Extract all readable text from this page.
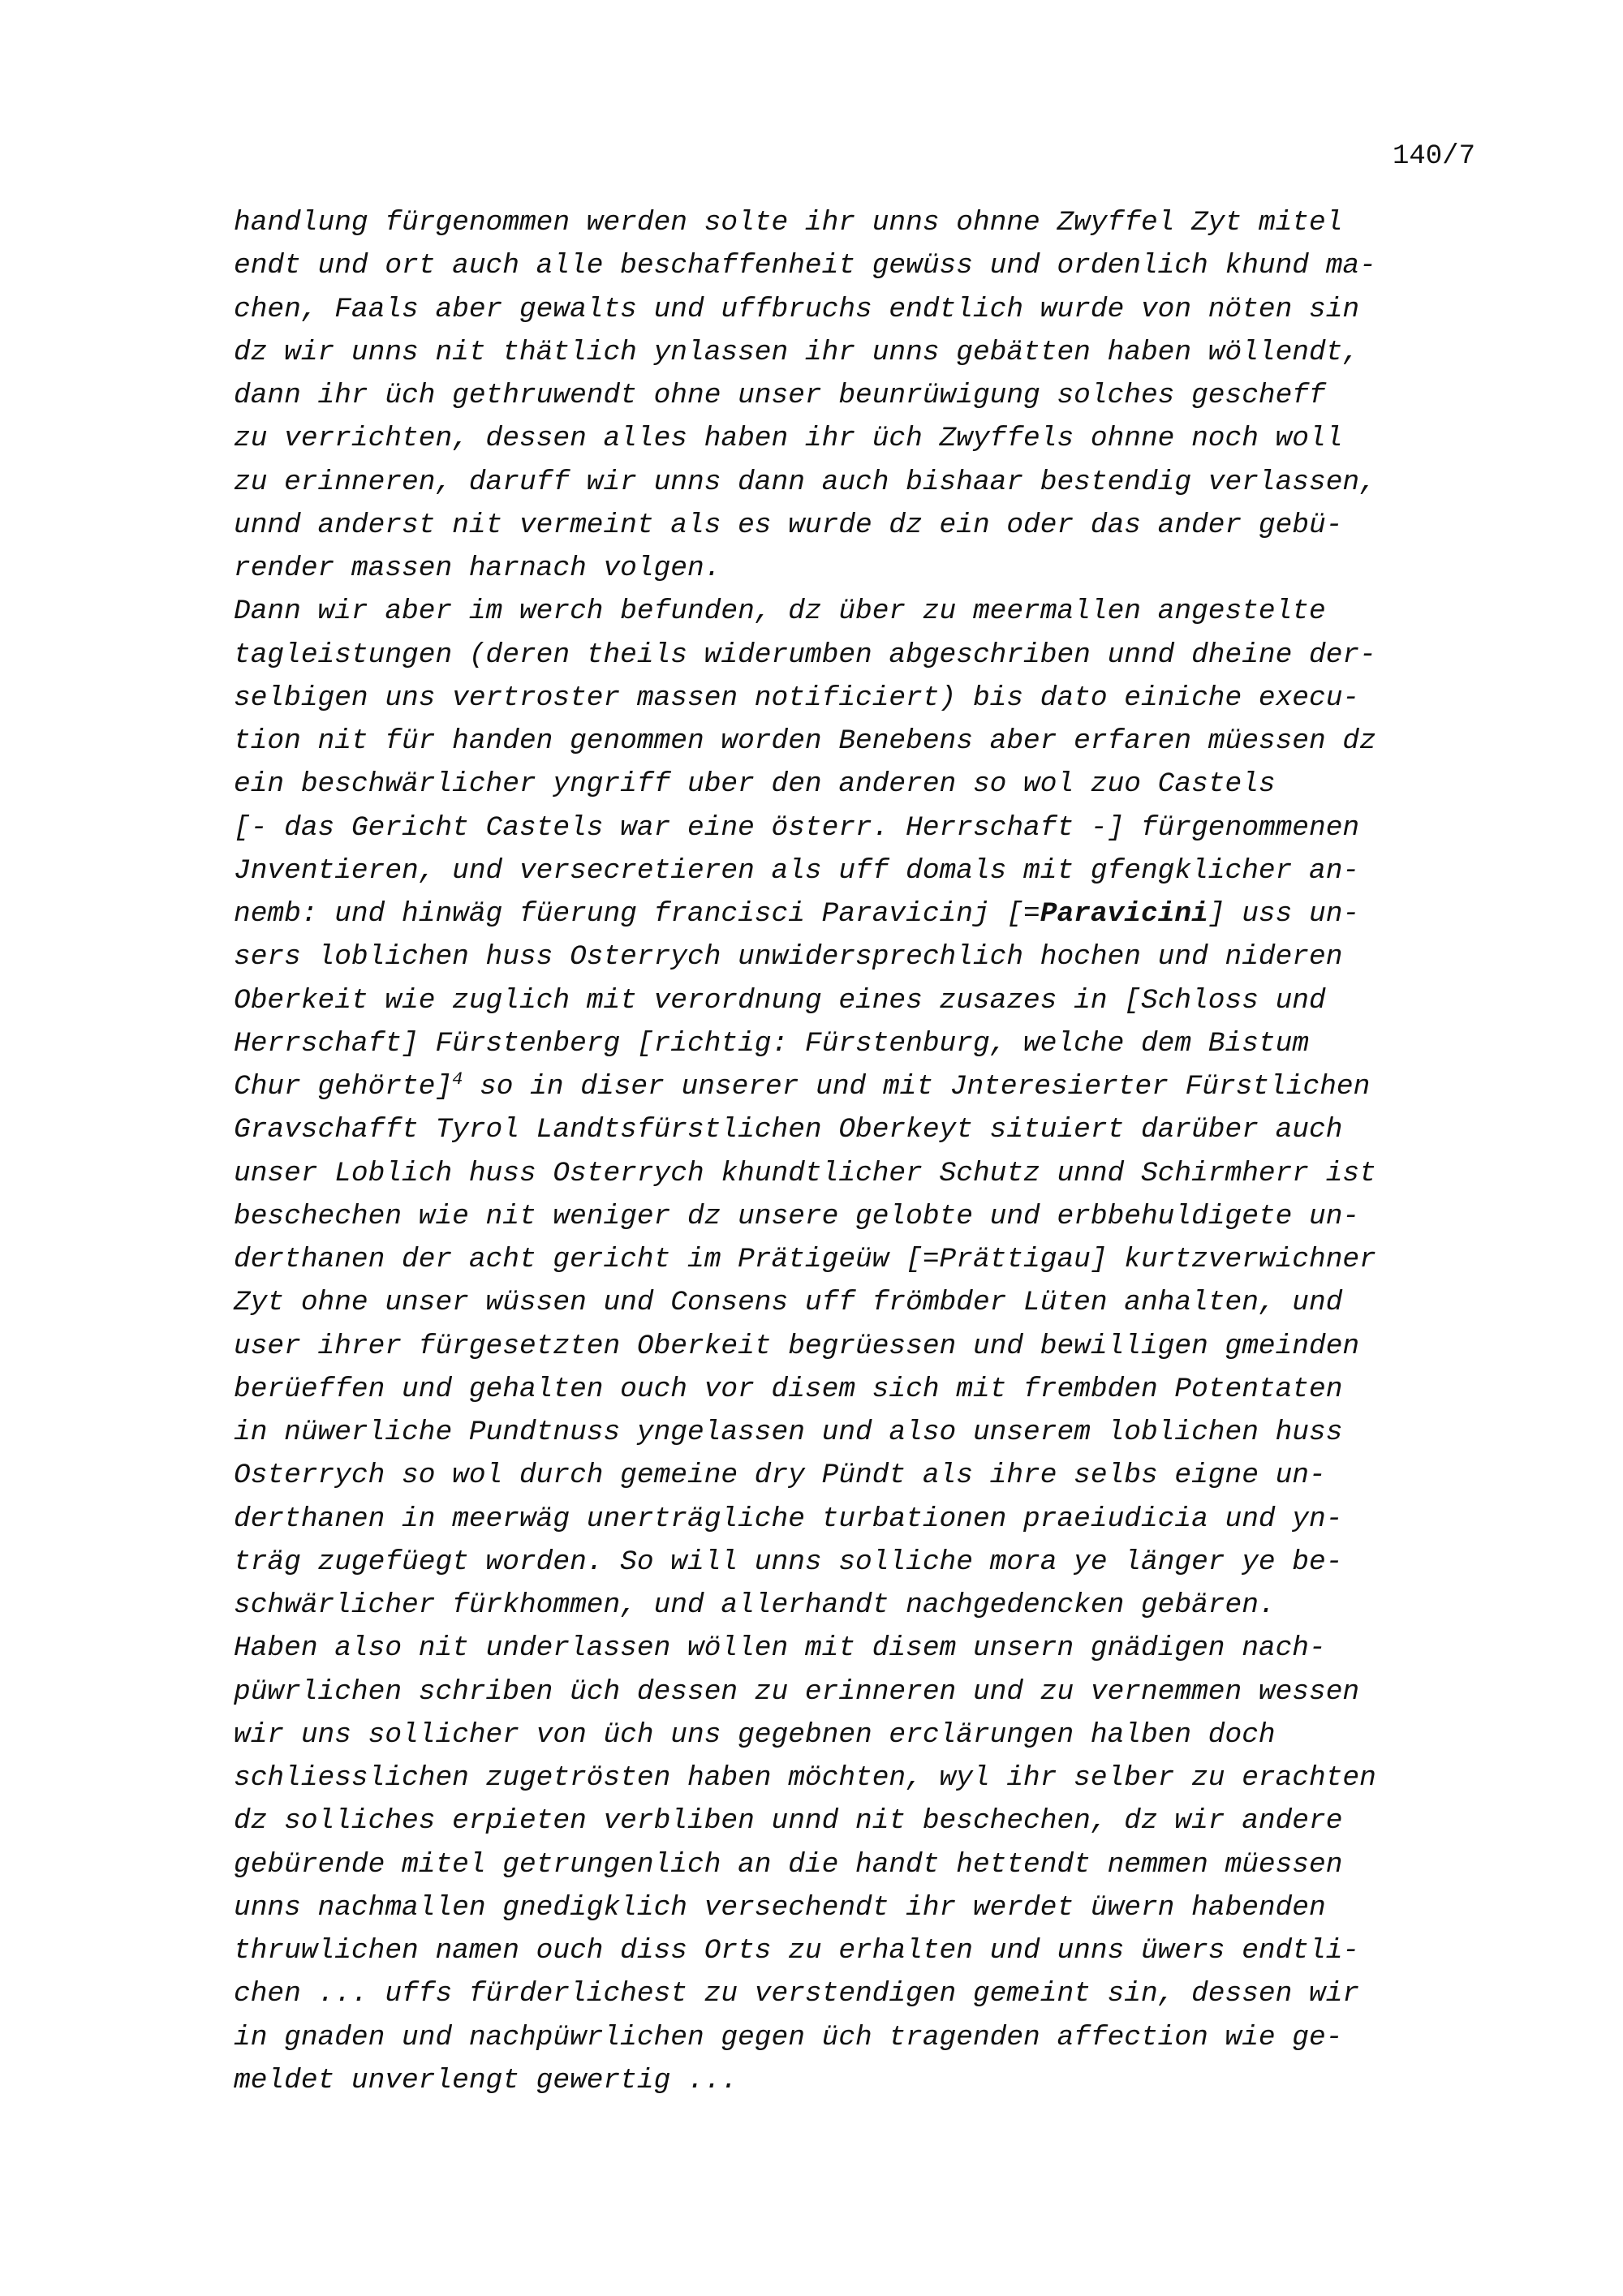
140/7
handlung fürgenommen werden solte ihr unns ohnne Zwyffel Zyt mitel
endt und ort auch alle beschaffenheit gewüss und ordenlich khund ma-
chen, Faals aber gewalts und uffbruchs endtlich wurde von nöten sin
dz wir unns nit thätlich ynlassen ihr unns gebätten haben wöllendt,
dann ihr üch gethruwendt ohne unser beunrüwigung solches gescheff
zu verrichten, dessen alles haben ihr üch Zwyffels ohnne noch woll
zu erinneren, daruff wir unns dann auch bishaar bestendig verlassen,
unnd anderst nit vermeint als es wurde dz ein oder das ander gebü-
render massen harnach volgen.
Dann wir aber im werch befunden, dz über zu meermallen angestelte
tagleistungen (deren theils widerumben abgeschriben unnd dheine der-
selbigen uns vertroster massen notificiert) bis dato einiche execu-
tion nit für handen genommen worden Benebens aber erfaren müessen dz
ein beschwärlicher yngriff uber den anderen so wol zuo Castels
[- das Gericht Castels war eine österr. Herrschaft -] fürgenommenen
Jnventieren, und versecretieren als uff domals mit gfengklicher an-
nemb: und hinwäg füerung francisci Paravicinj [=Paravicini] uss un-
sers loblichen huss Osterrych unwidersprechlich hochen und nideren
Oberkeit wie zuglich mit verordnung eines zusazes in [Schloss und
Herrschaft] Fürstenberg [richtig: Fürstenburg, welche dem Bistum
Chur gehörte]$^4$ so in diser unserer und mit Jnteresierter Fürstlichen
Gravschafft Tyrol Landtsfürstlichen Oberkeyt situiert darüber auch
unser Loblich huss Osterrych khundtlicher Schutz unnd Schirmherr ist
beschechen wie nit weniger dz unsere gelobte und erbbehuldigete un-
derthanen der acht gericht im Prätigeüw [=Prättigau] kurtzverwichner
Zyt ohne unser wüssen und Consens uff frömbder Lüten anhalten, und
user ihrer fürgesetzten Oberkeit begrüessen und bewilligen gmeinden
berüeffen und gehalten ouch vor disem sich mit frembden Potentaten
in nüwerliche Pundtnuss yngelassen und also unserem loblichen huss
Osterrych so wol durch gemeine dry Pündt als ihre selbs eigne un-
derthanen in meerwäg unerträgliche turbationen praeiudicia und yn-
träg zugefüegt worden. So will unns solliche mora ye länger ye be-
schwärlicher fürkhommen, und allerhandt nachgedencken gebären.
Haben also nit underlassen wöllen mit disem unsern gnädigen nach-
püwrlichen schriben üch dessen zu erinneren und zu vernemmen wessen
wir uns sollicher von üch uns gegebnen erclärungen halben doch
schliesslichen zugetrösten haben möchten, wyl ihr selber zu erachten
dz solliches erpieten verbliben unnd nit beschechen, dz wir andere
gebürende mitel getrungenlich an die handt hettendt nemmen müessen
unns nachmallen gnedigklich versechendt ihr werdet üwern habenden
thruwlichen namen ouch diss Orts zu erhalten und unns üwers endtli-
chen ... uffs fürderlichest zu verstendigen gemeint sin, dessen wir
in gnaden und nachpüwrlichen gegen üch tragenden affection wie ge-
meldet unverlengt gewertig ...
